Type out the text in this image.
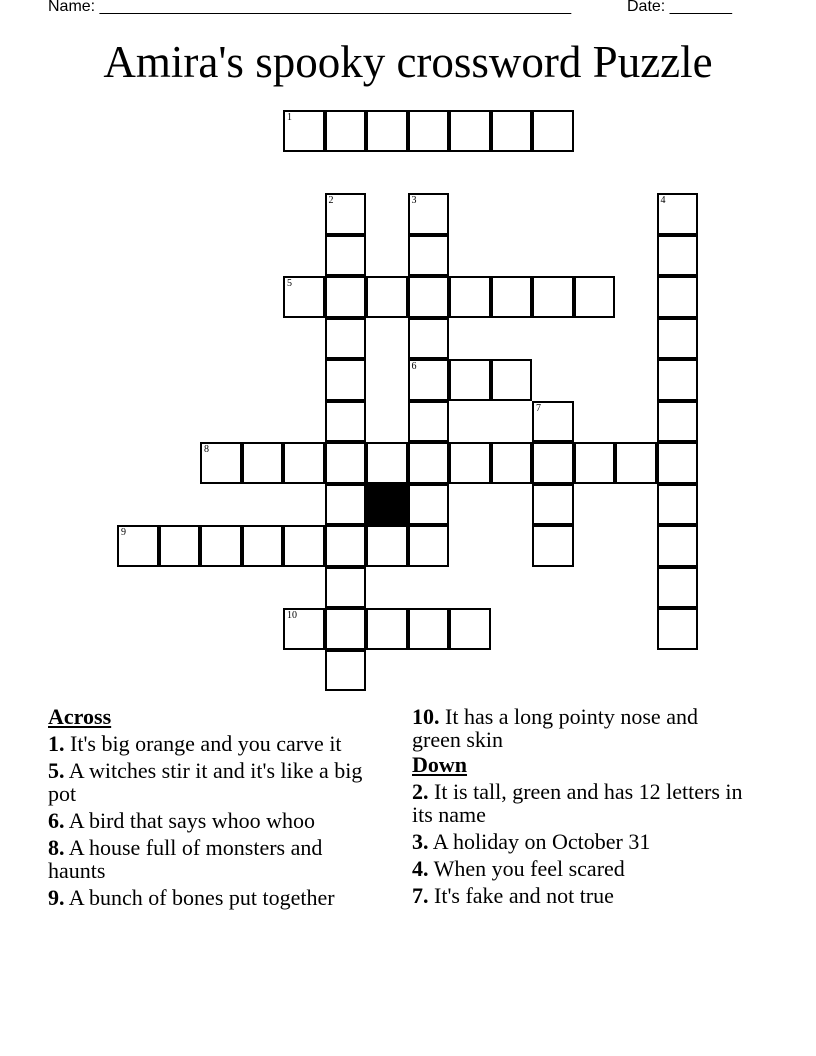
Name: _____________________________________________________	Date: _______
Amira's spooky crossword Puzzle
1
2	3	4
5
6
7
8
9
10
Across
1. It's big orange and you carve it
5. A witches stir it and it's like a big pot
6. A bird that says whoo whoo
8. A house full of monsters and haunts
9. A bunch of bones put together
10. It has a long pointy nose and green skin
Down
2. It is tall, green and has 12 letters in its name
3. A holiday on October 31
4. When you feel scared
7. It's fake and not true
